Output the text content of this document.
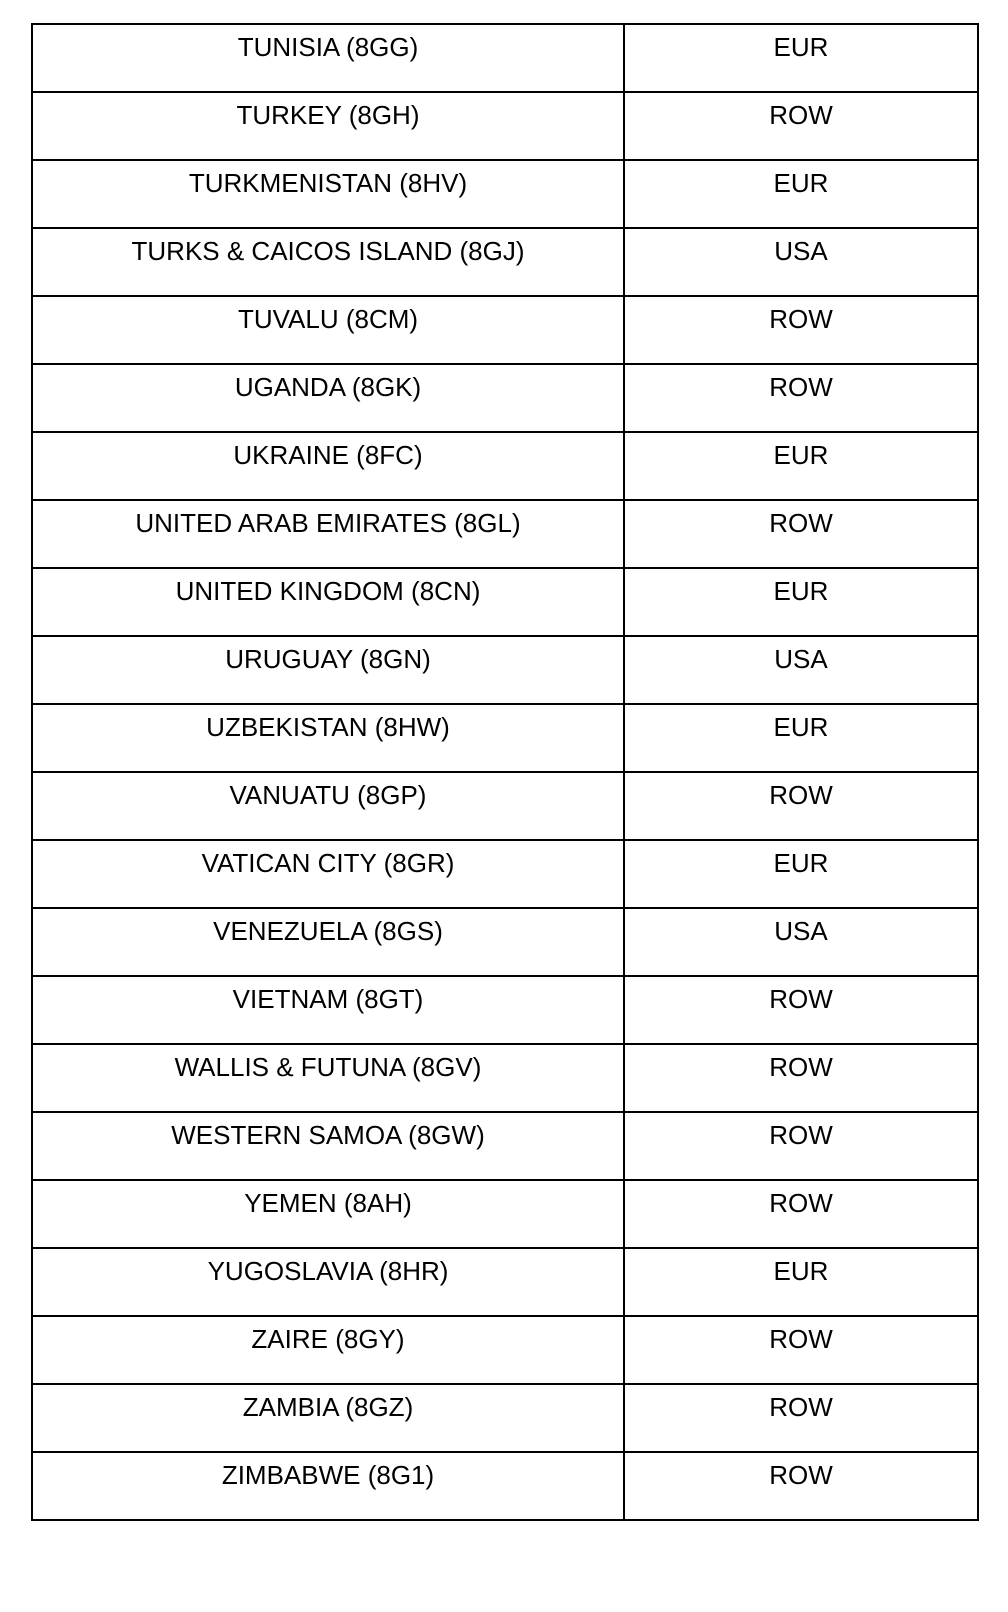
TUNISIA (8GG)	EUR

TURKEY (8GH)	ROW

TURKMENISTAN (8HV)	EUR

TURKS & CAICOS ISLAND (8GJ)	USA

TUVALU (8CM)	ROW

UGANDA (8GK)	ROW

UKRAINE (8FC)	EUR

UNITED ARAB EMIRATES (8GL)	ROW

UNITED KINGDOM (8CN)	EUR

URUGUAY (8GN)	USA

UZBEKISTAN (8HW)	EUR

VANUATU (8GP)	ROW

VATICAN CITY (8GR)	EUR

VENEZUELA (8GS)	USA

VIETNAM (8GT)	ROW

WALLIS & FUTUNA (8GV)	ROW

WESTERN SAMOA (8GW)	ROW

YEMEN (8AH)	ROW

YUGOSLAVIA (8HR)	EUR

ZAIRE (8GY)	ROW

ZAMBIA (8GZ)	ROW

ZIMBABWE (8G1)	ROW
